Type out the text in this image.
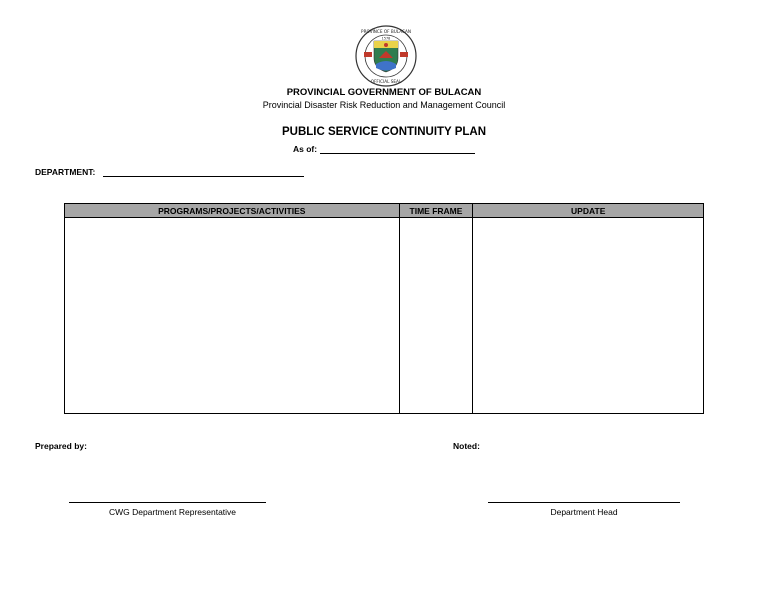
PROVINCE OF BULACAN
OFFICIAL SEAL
1578
PROVINCIAL GOVERNMENT OF BULACAN
Provincial Disaster Risk Reduction and Management Council
PUBLIC SERVICE CONTINUITY PLAN
As of:
DEPARTMENT:
PROGRAMS/PROJECTS/ACTIVITIES	TIME FRAME	UPDATE

Prepared by:	Noted:
CWG Department Representative	Department Head
